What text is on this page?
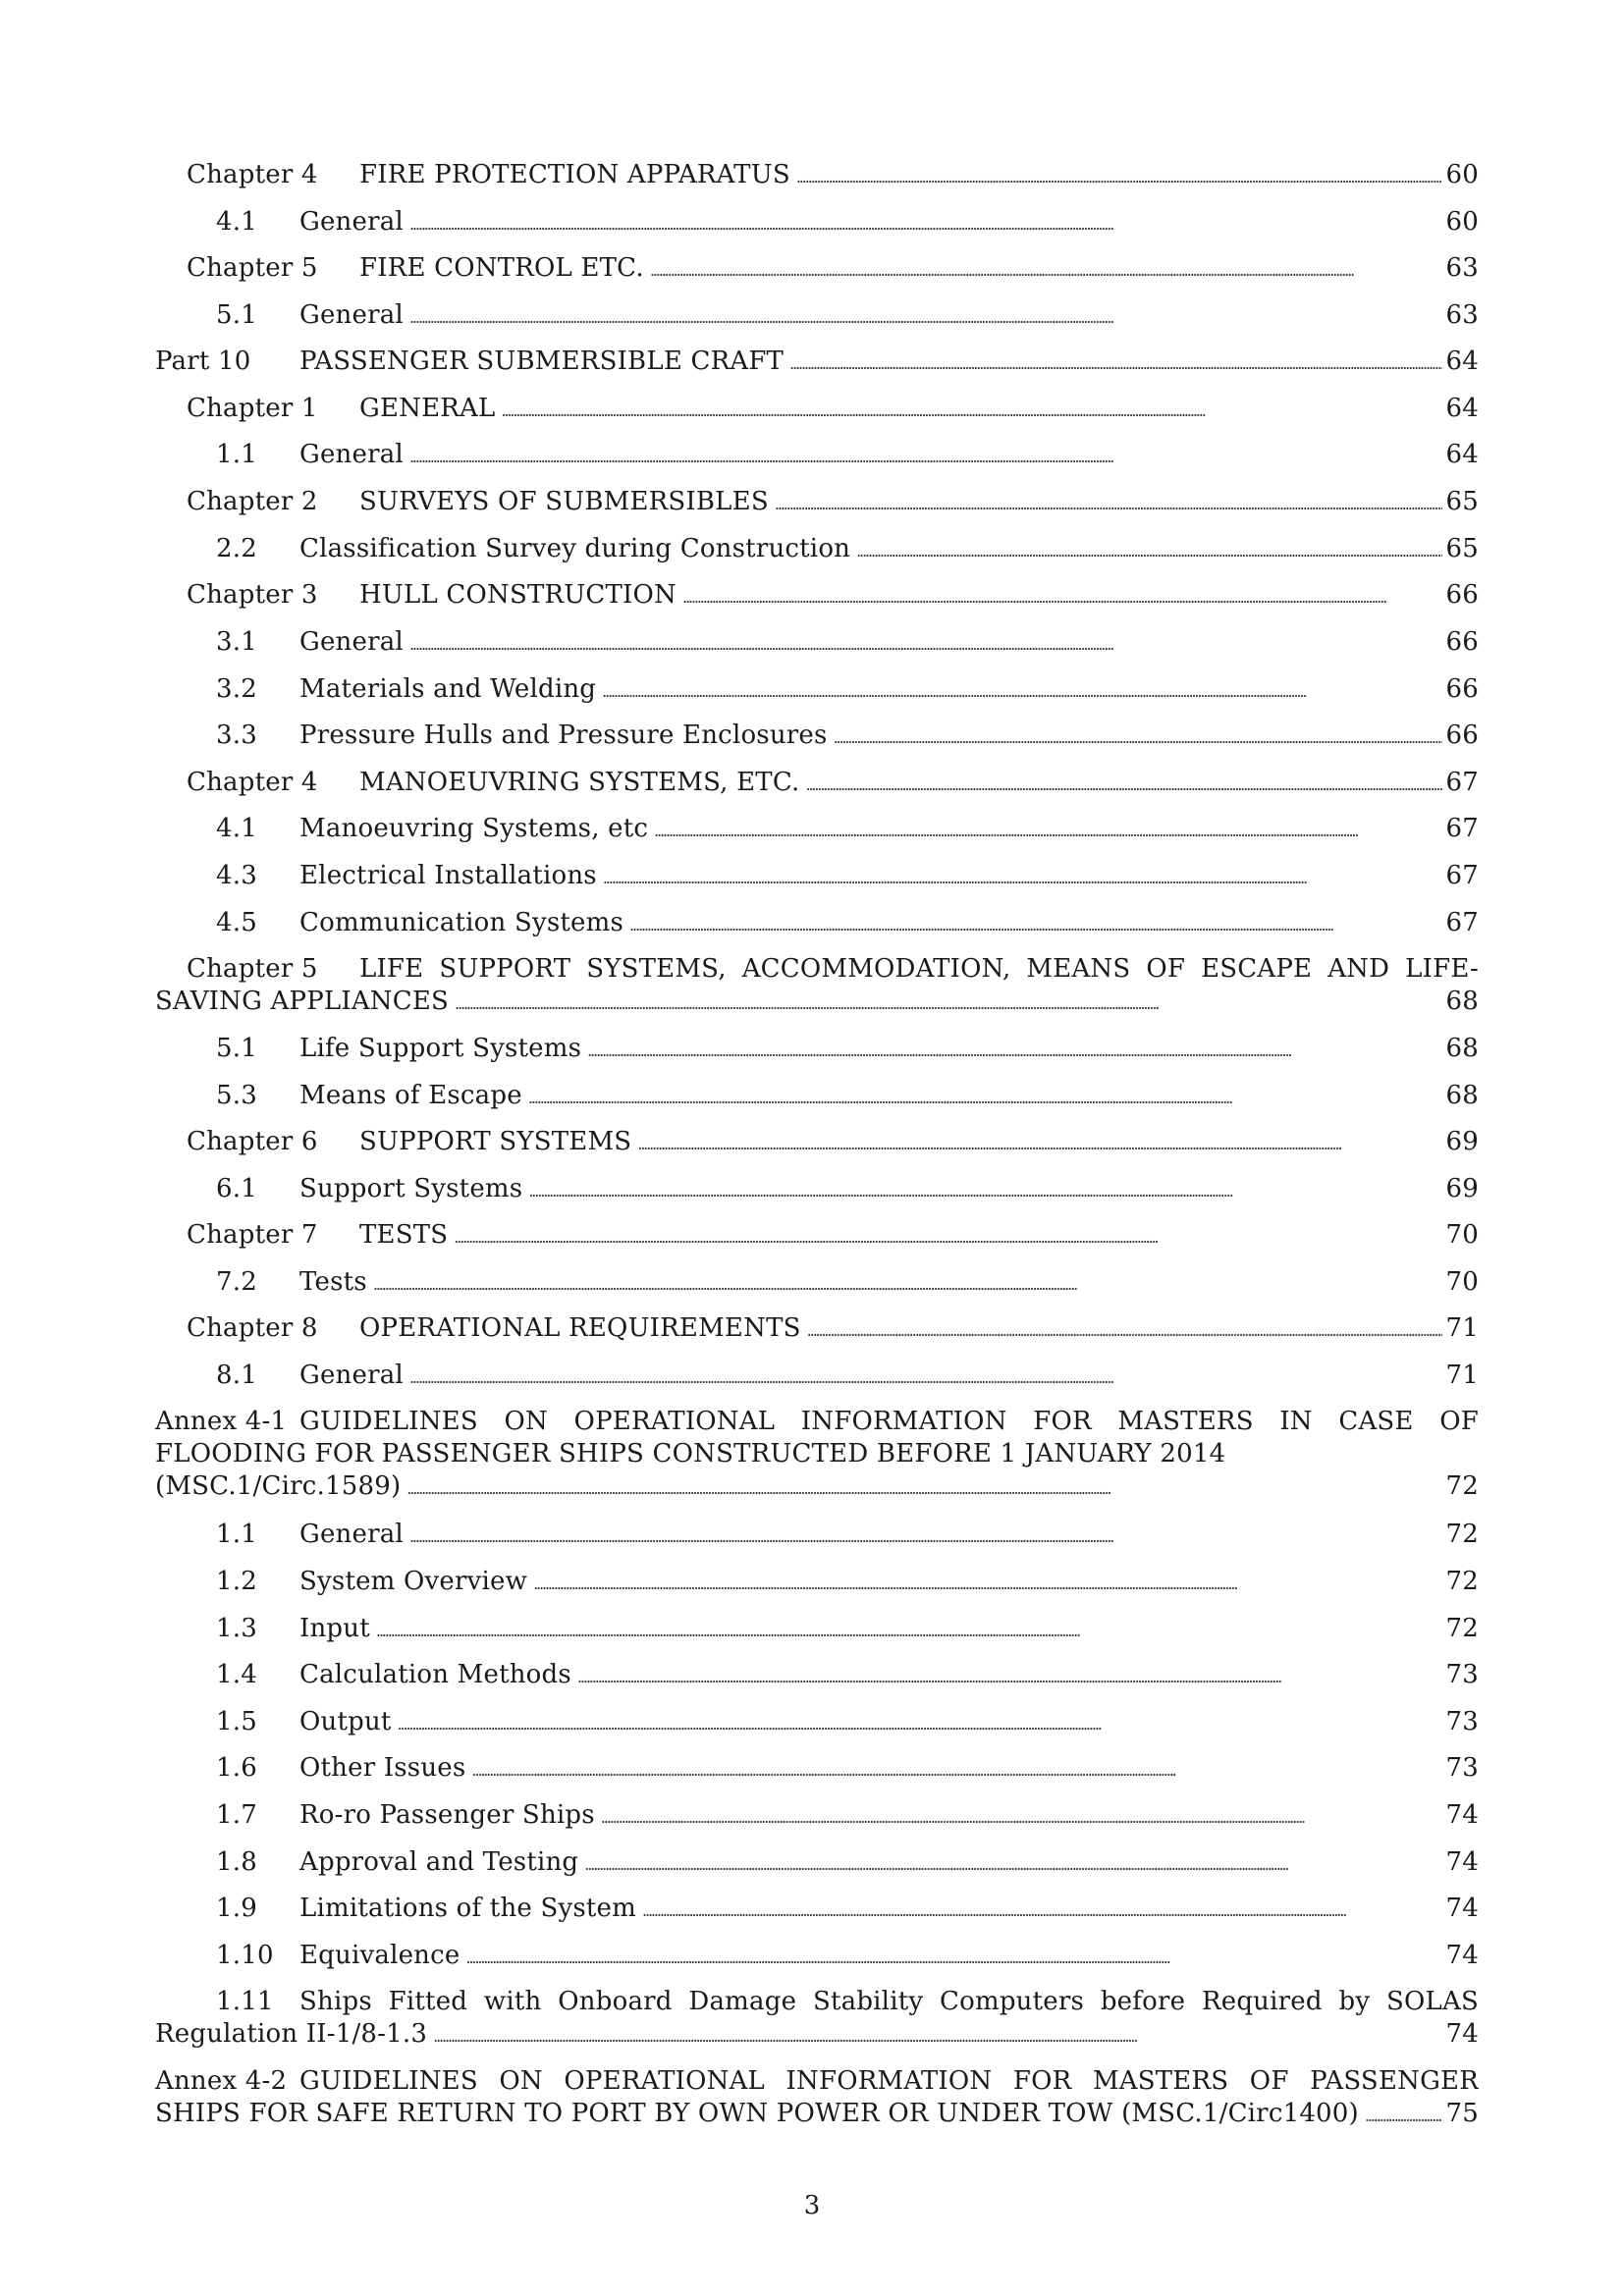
Chapter 4	FIRE PROTECTION APPARATUS . . .	60
4.1	General . . .	60
Chapter 5	FIRE CONTROL ETC. . . .	63
5.1	General . . .	63
Part 10	PASSENGER SUBMERSIBLE CRAFT . . .	64
Chapter 1	GENERAL . . .	64
1.1	General . . .	64
Chapter 2	SURVEYS OF SUBMERSIBLES . . .	65
2.2	Classification Survey during Construction . . .	65
Chapter 3	HULL CONSTRUCTION . . .	66
3.1	General . . .	66
3.2	Materials and Welding . . .	66
3.3	Pressure Hulls and Pressure Enclosures . . .	66
Chapter 4	MANOEUVRING SYSTEMS, ETC. . . .	67
4.1	Manoeuvring Systems, etc . . .	67
4.3	Electrical Installations . . .	67
4.5	Communication Systems . . .	67
Chapter 5	LIFE SUPPORT SYSTEMS, ACCOMMODATION, MEANS OF ESCAPE AND LIFE-
SAVING APPLIANCES . . .	68
5.1	Life Support Systems . . .	68
5.3	Means of Escape . . .	68
Chapter 6	SUPPORT SYSTEMS . . .	69
6.1	Support Systems . . .	69
Chapter 7	TESTS . . .	70
7.2	Tests . . .	70
Chapter 8	OPERATIONAL REQUIREMENTS . . .	71
8.1	General . . .	71
Annex 4-1 GUIDELINES ON OPERATIONAL INFORMATION FOR MASTERS IN CASE OF
FLOODING FOR PASSENGER SHIPS CONSTRUCTED BEFORE 1 JANUARY 2014
(MSC.1/Circ.1589) . . .	72
1.1	General . . .	72
1.2	System Overview . . .	72
1.3	Input . . .	72
1.4	Calculation Methods . . .	73
1.5	Output . . .	73
1.6	Other Issues . . .	73
1.7	Ro-ro Passenger Ships . . .	74
1.8	Approval and Testing . . .	74
1.9	Limitations of the System . . .	74
1.10	Equivalence . . .	74
1.11	Ships Fitted with Onboard Damage Stability Computers before Required by SOLAS
Regulation II-1/8-1.3 . . .	74
Annex 4-2 GUIDELINES ON OPERATIONAL INFORMATION FOR MASTERS OF PASSENGER
SHIPS FOR SAFE RETURN TO PORT BY OWN POWER OR UNDER TOW (MSC.1/Circ1400) . . .	75
3
